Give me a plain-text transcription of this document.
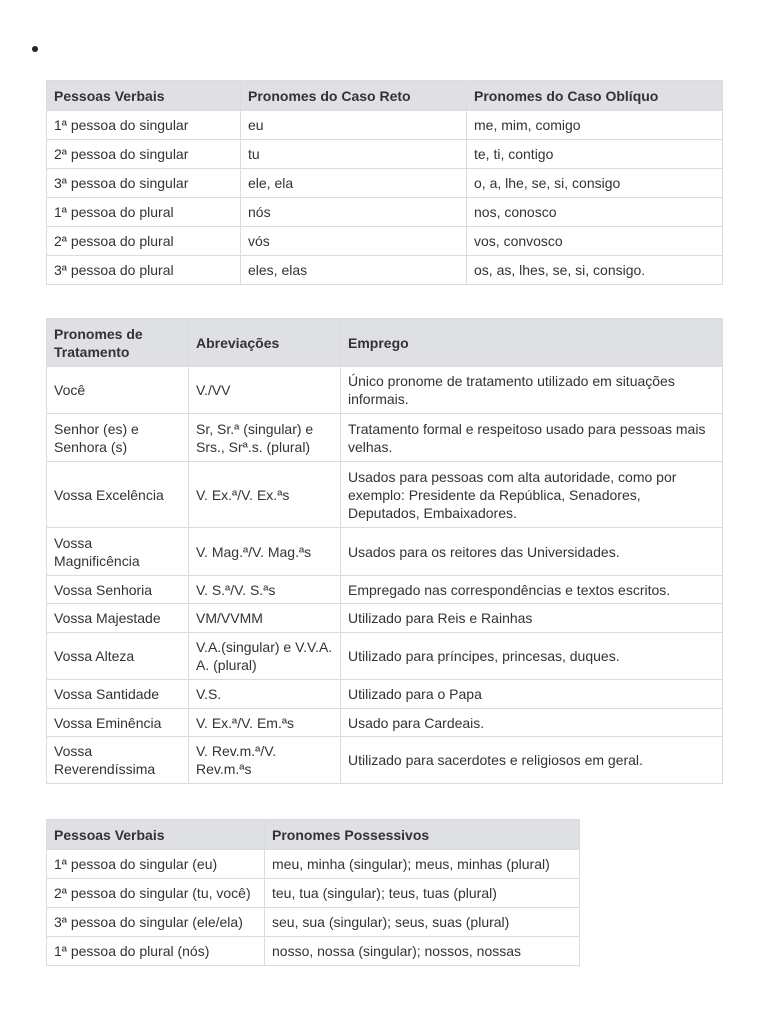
Pessoas Verbais	Pronomes do Caso Reto	Pronomes do Caso Oblíquo
1ª pessoa do singular	eu	me, mim, comigo
2ª pessoa do singular	tu	te, ti, contigo
3ª pessoa do singular	ele, ela	o, a, lhe, se, si, consigo
1ª pessoa do plural	nós	nos, conosco
2ª pessoa do plural	vós	vos, convosco
3ª pessoa do plural	eles, elas	os, as, lhes, se, si, consigo.
Pronomes de Tratamento	Abreviações	Emprego
Você	V./VV	Único pronome de tratamento utilizado em situações informais.
Senhor (es) e Senhora (s)	Sr, Sr.ª (singular) e Srs., Srª.s. (plural)	Tratamento formal e respeitoso usado para pessoas mais velhas.
Vossa Excelência	V. Ex.ª/V. Ex.ªs	Usados para pessoas com alta autoridade, como por exemplo: Presidente da República, Senadores, Deputados, Embaixadores.
Vossa Magnificência	V. Mag.ª/V. Mag.ªs	Usados para os reitores das Universidades.
Vossa Senhoria	V. S.ª/V. S.ªs	Empregado nas correspondências e textos escritos.
Vossa Majestade	VM/VVMM	Utilizado para Reis e Rainhas
Vossa Alteza	V.A.(singular) e V.V.A. A. (plural)	Utilizado para príncipes, princesas, duques.
Vossa Santidade	V.S.	Utilizado para o Papa
Vossa Eminência	V. Ex.ª/V. Em.ªs	Usado para Cardeais.
Vossa Reverendíssima	V. Rev.m.ª/V. Rev.m.ªs	Utilizado para sacerdotes e religiosos em geral.
Pessoas Verbais	Pronomes Possessivos
1ª pessoa do singular (eu)	meu, minha (singular); meus, minhas (plural)
2ª pessoa do singular (tu, você)	teu, tua (singular); teus, tuas (plural)
3ª pessoa do singular (ele/ela)	seu, sua (singular); seus, suas (plural)
1ª pessoa do plural (nós)	nosso, nossa (singular); nossos, nossas
